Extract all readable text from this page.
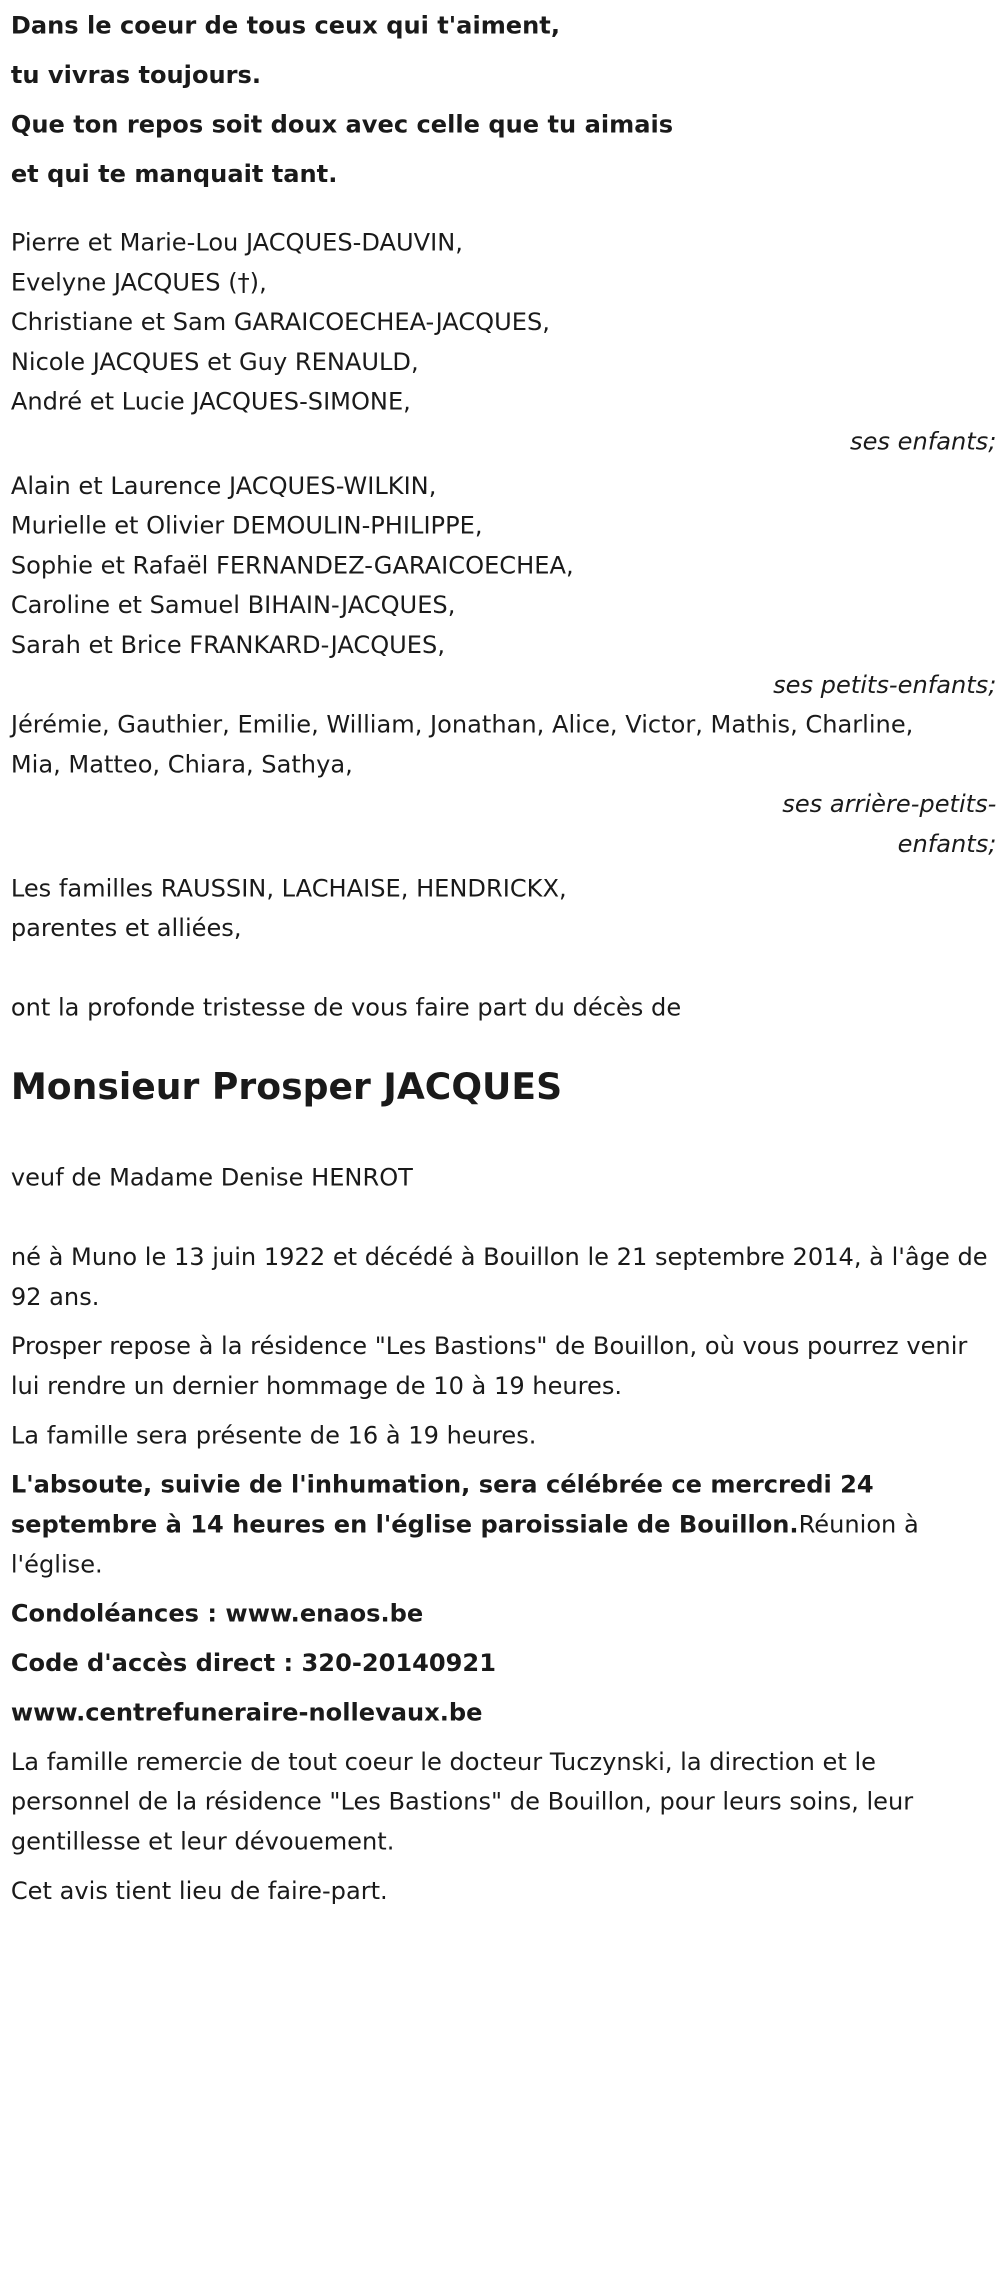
Dans le coeur de tous ceux qui t'aiment,

tu vivras toujours.

Que ton repos soit doux avec celle que tu aimais

et qui te manquait tant.

Pierre et Marie-Lou JACQUES-DAUVIN,

Evelyne JACQUES (†),

Christiane et Sam GARAICOECHEA-JACQUES,

Nicole JACQUES et Guy RENAULD,

André et Lucie JACQUES-SIMONE,

ses enfants;

Alain et Laurence JACQUES-WILKIN,

Murielle et Olivier DEMOULIN-PHILIPPE,

Sophie et Rafaël FERNANDEZ-GARAICOECHEA,

Caroline et Samuel BIHAIN-JACQUES,

Sarah et Brice FRANKARD-JACQUES,

ses petits-enfants;

Jérémie, Gauthier, Emilie, William, Jonathan, Alice, Victor, Mathis, Charline,

Mia, Matteo, Chiara, Sathya,

ses arrière-petits-

enfants;

Les familles RAUSSIN, LACHAISE, HENDRICKX,

parentes et alliées,

ont la profonde tristesse de vous faire part du décès de

Monsieur Prosper JACQUES

veuf de Madame Denise HENROT

né à Muno le 13 juin 1922 et décédé à Bouillon le 21 septembre 2014, à l'âge de 92 ans.

Prosper repose à la résidence "Les Bastions" de Bouillon, où vous pourrez venir lui rendre un dernier hommage de 10 à 19 heures.

La famille sera présente de 16 à 19 heures.

L'absoute, suivie de l'inhumation, sera célébrée ce mercredi 24 septembre à 14 heures en l'église paroissiale de Bouillon.Réunion à l'église.

Condoléances : www.enaos.be

Code d'accès direct : 320-20140921

www.centrefuneraire-nollevaux.be

La famille remercie de tout coeur le docteur Tuczynski, la direction et le personnel de la résidence "Les Bastions" de Bouillon, pour leurs soins, leur gentillesse et leur dévouement.

Cet avis tient lieu de faire-part.
